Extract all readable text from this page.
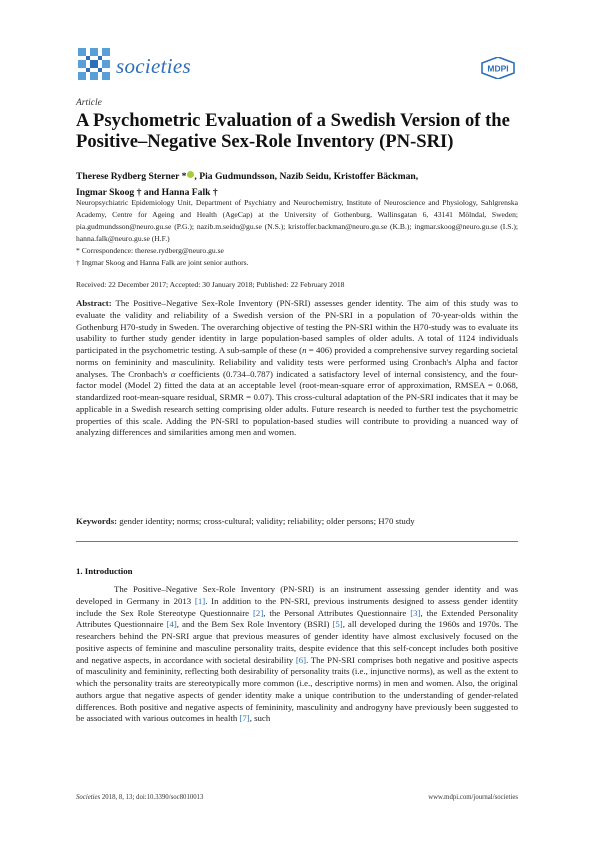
societies	MDPI
Article
A Psychometric Evaluation of a Swedish Version of the Positive–Negative Sex-Role Inventory (PN-SRI)
Therese Rydberg Sterner * , Pia Gudmundsson, Nazib Seidu, Kristoffer Bäckman,
Ingmar Skoog † and Hanna Falk †
Neuropsychiatric Epidemiology Unit, Department of Psychiatry and Neurochemistry, Institute of Neuroscience and Physiology, Sahlgrenska Academy, Centre for Ageing and Health (AgeCap) at the University of Gothenburg, Wallinsgatan 6, 43141 Mölndal, Sweden; pia.gudmundsson@neuro.gu.se (P.G.); nazib.m.seidu@gu.se (N.S.); kristoffer.backman@neuro.gu.se (K.B.); ingmar.skoog@neuro.gu.se (I.S.); hanna.falk@neuro.gu.se (H.F.)
* Correspondence: therese.rydberg@neuro.gu.se
† Ingmar Skoog and Hanna Falk are joint senior authors.
Received: 22 December 2017; Accepted: 30 January 2018; Published: 22 February 2018
Abstract: The Positive–Negative Sex-Role Inventory (PN-SRI) assesses gender identity. The aim of this study was to evaluate the validity and reliability of a Swedish version of the PN-SRI in a population of 70-year-olds within the Gothenburg H70-study in Sweden. The overarching objective of testing the PN-SRI within the H70-study was to evaluate its usability to further study gender identity in large population-based samples of older adults. A total of 1124 individuals participated in the psychometric testing. A sub-sample of these (n = 406) provided a comprehensive survey regarding societal norms on femininity and masculinity. Reliability and validity tests were performed using Cronbach's Alpha and factor analyses. The Cronbach's α coefficients (0.734–0.787) indicated a satisfactory level of internal consistency, and the four-factor model (Model 2) fitted the data at an acceptable level (root-mean-square error of approximation, RMSEA = 0.068, standardized root-mean-square residual, SRMR = 0.07). This cross-cultural adaptation of the PN-SRI indicates that it may be applicable in a Swedish research setting comprising older adults. Future research is needed to further test the psychometric properties of this scale. Adding the PN-SRI to population-based studies will contribute to providing a nuanced way of analyzing differences and similarities among men and women.
Keywords: gender identity; norms; cross-cultural; validity; reliability; older persons; H70 study
1. Introduction
The Positive–Negative Sex-Role Inventory (PN-SRI) is an instrument assessing gender identity and was developed in Germany in 2013 [1]. In addition to the PN-SRI, previous instruments designed to assess gender identity include the Sex Role Stereotype Questionnaire [2], the Personal Attributes Questionnaire [3], the Extended Personality Attributes Questionnaire [4], and the Bem Sex Role Inventory (BSRI) [5], all developed during the 1960s and 1970s. The researchers behind the PN-SRI argue that previous measures of gender identity have almost exclusively focused on the positive aspects of feminine and masculine personality traits, despite evidence that this self-concept includes both positive and negative aspects, in accordance with societal desirability [6]. The PN-SRI comprises both negative and positive aspects of masculinity and femininity, reflecting both desirability of personality traits (i.e., injunctive norms), as well as the extent to which the personality traits are stereotypically more common (i.e., descriptive norms) in men and women. Also, the original authors argue that negative aspects of gender identity make a unique contribution to the understanding of gender-related differences. Both positive and negative aspects of femininity, masculinity and androgyny have previously been suggested to be associated with various outcomes in health [7], such
Societies 2018, 8, 13; doi:10.3390/soc8010013	www.mdpi.com/journal/societies
